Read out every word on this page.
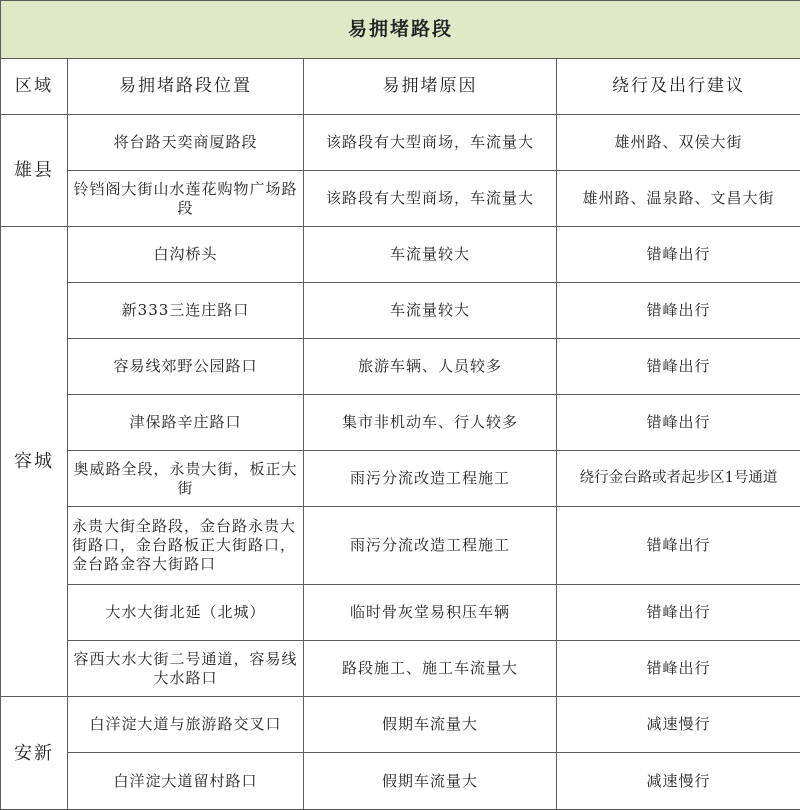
易拥堵路段			
区域	易拥堵路段位置	易拥堵原因	绕行及出行建议
雄县	将台路天奕商厦路段	该路段有大型商场，车流量大	雄州路、双侯大街
	铃铛阁大街山水莲花购物广场路段	该路段有大型商场，车流量大	雄州路、温泉路、文昌大街
容城	白沟桥头	车流量较大	错峰出行
	新333三连庄路口	车流量较大	错峰出行
	容易线郊野公园路口	旅游车辆、人员较多	错峰出行
	津保路辛庄路口	集市非机动车、行人较多	错峰出行
	奥威路全段，永贵大街，板正大街	雨污分流改造工程施工	绕行金台路或者起步区1号通道
	永贵大街全路段，金台路永贵大街路口，金台路板正大街路口，金台路金容大街路口	雨污分流改造工程施工	错峰出行
	大水大街北延（北城）	临时骨灰堂易积压车辆	错峰出行
	容西大水大街二号通道，容易线大水路口	路段施工、施工车流量大	错峰出行
安新	白洋淀大道与旅游路交叉口	假期车流量大	减速慢行
	白洋淀大道留村路口	假期车流量大	减速慢行
